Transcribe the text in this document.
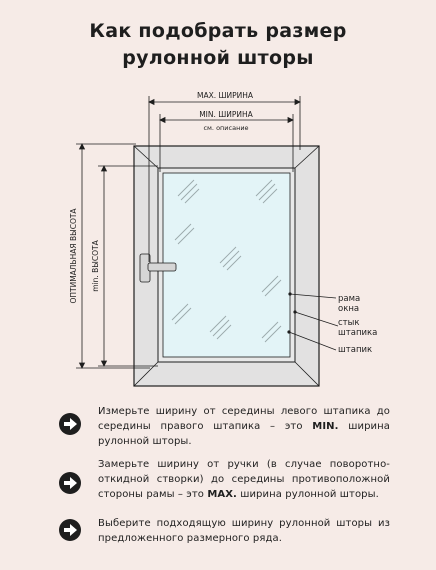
Как подобрать размер
рулонной шторы
MAX. ШИРИНА
MIN. ШИРИНА
см. описание
ОПТИМАЛЬНАЯ ВЫСОТА min. ВЫСОТА
рама
окна
стык
штапика
штапик
Измерьте ширину от середины левого штапика до середины правого штапика – это MIN. ширина рулонной шторы.
Замерьте ширину от ручки (в случае поворотно-откидной створки) до середины противоположной стороны рамы – это MAX. ширина рулонной шторы.
Выберите подходящую ширину рулонной шторы из предложенного размерного ряда.
